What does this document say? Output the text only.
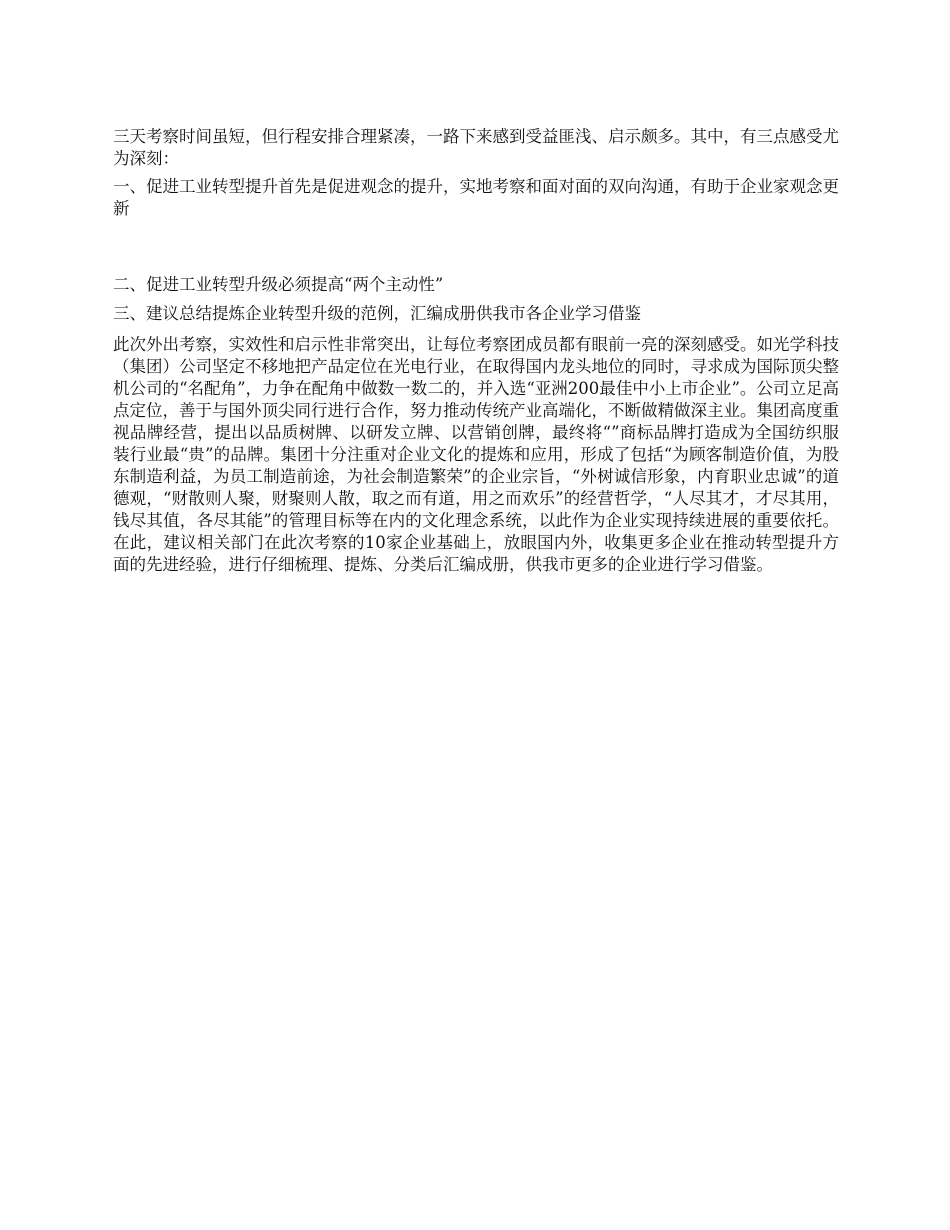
三天考察时间虽短，但行程安排合理紧凑，一路下来感到受益匪浅、启示颇多。其中，有三点感受尤为深刻：

一、促进工业转型提升首先是促进观念的提升，实地考察和面对面的双向沟通，有助于企业家观念更新

二、促进工业转型升级必须提高“两个主动性”

三、建议总结提炼企业转型升级的范例，汇编成册供我市各企业学习借鉴

此次外出考察，实效性和启示性非常突出，让每位考察团成员都有眼前一亮的深刻感受。如光学科技（集团）公司坚定不移地把产品定位在光电行业，在取得国内龙头地位的同时，寻求成为国际顶尖整机公司的“名配角”，力争在配角中做数一数二的，并入选“亚洲200最佳中小上市企业”。公司立足高点定位，善于与国外顶尖同行进行合作，努力推动传统产业高端化，不断做精做深主业。集团高度重视品牌经营，提出以品质树牌、以研发立牌、以营销创牌，最终将“”商标品牌打造成为全国纺织服装行业最“贵”的品牌。集团十分注重对企业文化的提炼和应用，形成了包括“为顾客制造价值，为股东制造利益，为员工制造前途，为社会制造繁荣”的企业宗旨，“外树诚信形象，内育职业忠诚”的道德观，“财散则人聚，财聚则人散，取之而有道，用之而欢乐”的经营哲学，“人尽其才，才尽其用，钱尽其值，各尽其能”的管理目标等在内的文化理念系统，以此作为企业实现持续进展的重要依托。在此，建议相关部门在此次考察的10家企业基础上，放眼国内外，收集更多企业在推动转型提升方面的先进经验，进行仔细梳理、提炼、分类后汇编成册，供我市更多的企业进行学习借鉴。
